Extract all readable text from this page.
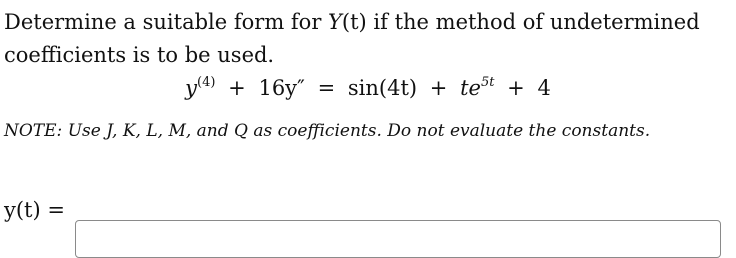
Determine a suitable form for Y(t) if the method of undetermined coefficients is to be used.
$y^{(4)} + 16y'' = \sin(4t) + te^{5t} + 4$
NOTE: Use J, K, L, M, and Q as coefficients. Do not evaluate the constants.
y(t) =
